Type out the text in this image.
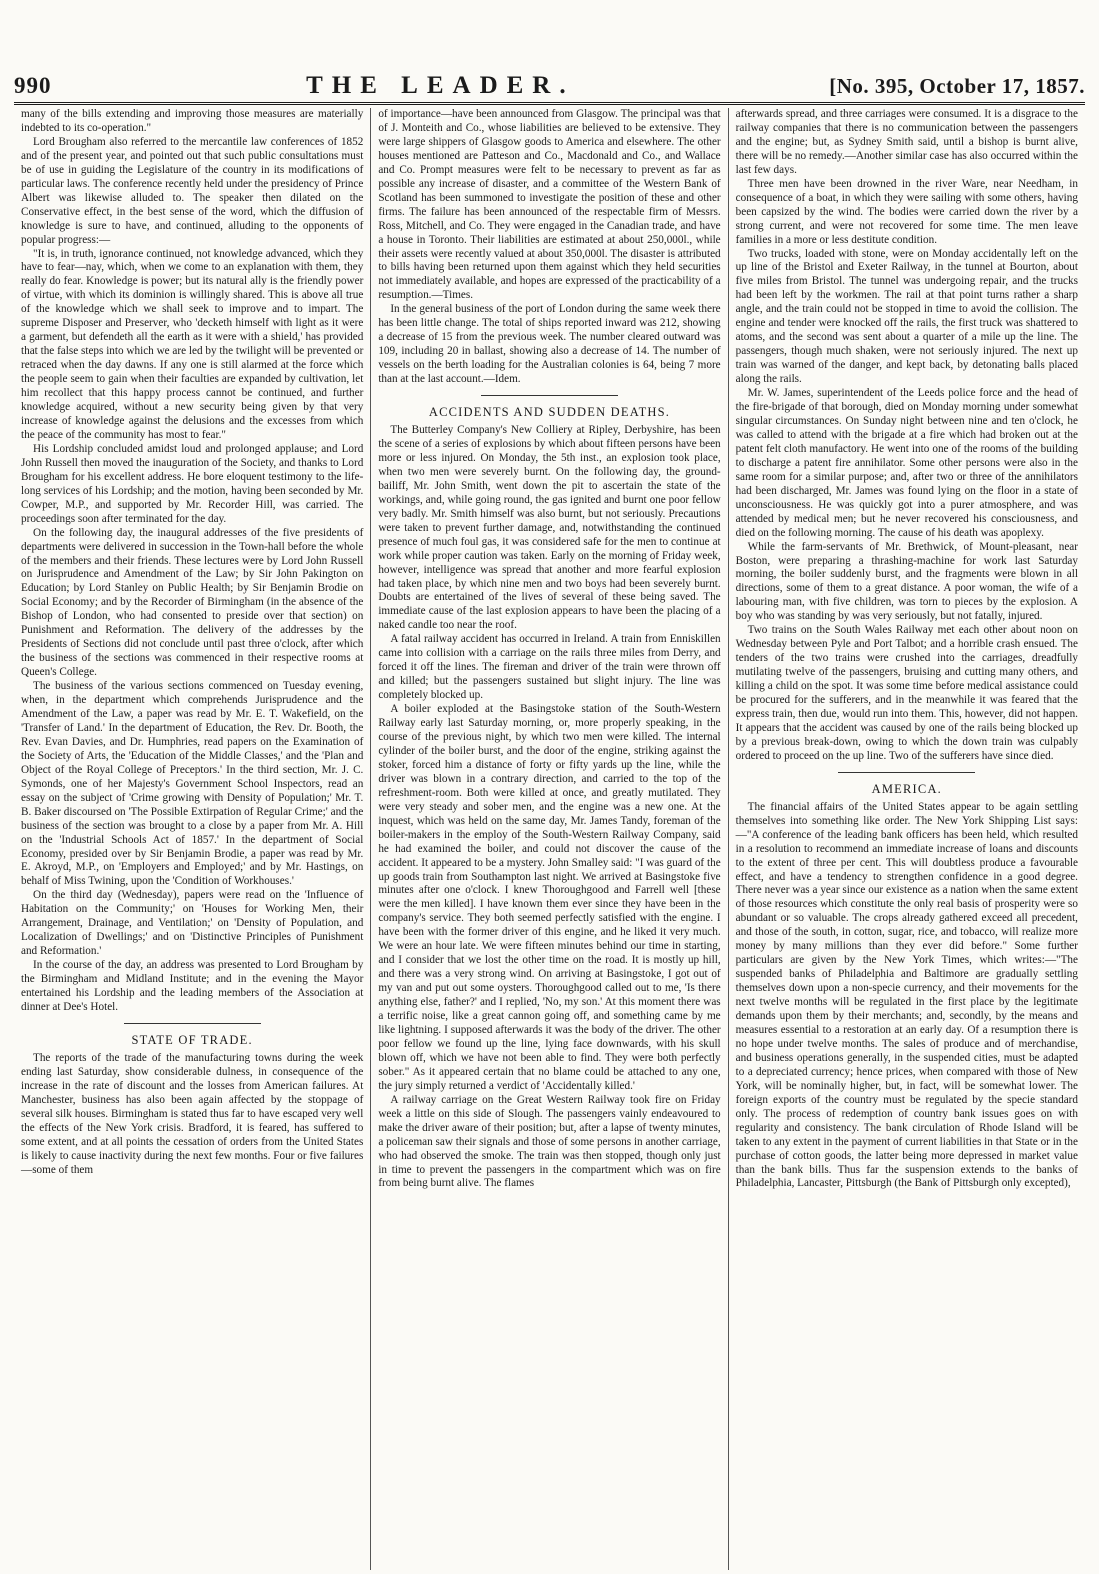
990	THE LEADER.	[No. 395, October 17, 1857.

many of the bills extending and improving those measures are materially indebted to its co-operation."

Lord Brougham also referred to the mercantile law conferences of 1852 and of the present year, and pointed out that such public consultations must be of use in guiding the Legislature of the country in its modifications of particular laws. The conference recently held under the presidency of Prince Albert was likewise alluded to. The speaker then dilated on the Conservative effect, in the best sense of the word, which the diffusion of knowledge is sure to have, and continued, alluding to the opponents of popular progress:—

"It is, in truth, ignorance continued, not knowledge advanced, which they have to fear—nay, which, when we come to an explanation with them, they really do fear. Knowledge is power; but its natural ally is the friendly power of virtue, with which its dominion is willingly shared. This is above all true of the knowledge which we shall seek to improve and to impart. The supreme Disposer and Preserver, who 'decketh himself with light as it were a garment, but defendeth all the earth as it were with a shield,' has provided that the false steps into which we are led by the twilight will be prevented or retraced when the day dawns. If any one is still alarmed at the force which the people seem to gain when their faculties are expanded by cultivation, let him recollect that this happy process cannot be continued, and further knowledge acquired, without a new security being given by that very increase of knowledge against the delusions and the excesses from which the peace of the community has most to fear."

His Lordship concluded amidst loud and prolonged applause; and Lord John Russell then moved the inauguration of the Society, and thanks to Lord Brougham for his excellent address. He bore eloquent testimony to the life-long services of his Lordship; and the motion, having been seconded by Mr. Cowper, M.P., and supported by Mr. Recorder Hill, was carried. The proceedings soon after terminated for the day.

On the following day, the inaugural addresses of the five presidents of departments were delivered in succession in the Town-hall before the whole of the members and their friends. These lectures were by Lord John Russell on Jurisprudence and Amendment of the Law; by Sir John Pakington on Education; by Lord Stanley on Public Health; by Sir Benjamin Brodie on Social Economy; and by the Recorder of Birmingham (in the absence of the Bishop of London, who had consented to preside over that section) on Punishment and Reformation. The delivery of the addresses by the Presidents of Sections did not conclude until past three o'clock, after which the business of the sections was commenced in their respective rooms at Queen's College.

The business of the various sections commenced on Tuesday evening, when, in the department which comprehends Jurisprudence and the Amendment of the Law, a paper was read by Mr. E. T. Wakefield, on the 'Transfer of Land.' In the department of Education, the Rev. Dr. Booth, the Rev. Evan Davies, and Dr. Humphries, read papers on the Examination of the Society of Arts, the 'Education of the Middle Classes,' and the 'Plan and Object of the Royal College of Preceptors.' In the third section, Mr. J. C. Symonds, one of her Majesty's Government School Inspectors, read an essay on the subject of 'Crime growing with Density of Population;' Mr. T. B. Baker discoursed on 'The Possible Extirpation of Regular Crime;' and the business of the section was brought to a close by a paper from Mr. A. Hill on the 'Industrial Schools Act of 1857.' In the department of Social Economy, presided over by Sir Benjamin Brodie, a paper was read by Mr. E. Akroyd, M.P., on 'Employers and Employed;' and by Mr. Hastings, on behalf of Miss Twining, upon the 'Condition of Workhouses.'

On the third day (Wednesday), papers were read on the 'Influence of Habitation on the Community;' on 'Houses for Working Men, their Arrangement, Drainage, and Ventilation;' on 'Density of Population, and Localization of Dwellings;' and on 'Distinctive Principles of Punishment and Reformation.'

In the course of the day, an address was presented to Lord Brougham by the Birmingham and Midland Institute; and in the evening the Mayor entertained his Lordship and the leading members of the Association at dinner at Dee's Hotel.

STATE OF TRADE.

The reports of the trade of the manufacturing towns during the week ending last Saturday, show considerable dulness, in consequence of the increase in the rate of discount and the losses from American failures. At Manchester, business has also been again affected by the stoppage of several silk houses. Birmingham is stated thus far to have escaped very well the effects of the New York crisis. Bradford, it is feared, has suffered to some extent, and at all points the cessation of orders from the United States is likely to cause inactivity during the next few months. Four or five failures—some of them

of importance—have been announced from Glasgow. The principal was that of J. Monteith and Co., whose liabilities are believed to be extensive. They were large shippers of Glasgow goods to America and elsewhere. The other houses mentioned are Patteson and Co., Macdonald and Co., and Wallace and Co. Prompt measures were felt to be necessary to prevent as far as possible any increase of disaster, and a committee of the Western Bank of Scotland has been summoned to investigate the position of these and other firms. The failure has been announced of the respectable firm of Messrs. Ross, Mitchell, and Co. They were engaged in the Canadian trade, and have a house in Toronto. Their liabilities are estimated at about 250,000l., while their assets were recently valued at about 350,000l. The disaster is attributed to bills having been returned upon them against which they held securities not immediately available, and hopes are expressed of the practicability of a resumption.—Times.

In the general business of the port of London during the same week there has been little change. The total of ships reported inward was 212, showing a decrease of 15 from the previous week. The number cleared outward was 109, including 20 in ballast, showing also a decrease of 14. The number of vessels on the berth loading for the Australian colonies is 64, being 7 more than at the last account.—Idem.

ACCIDENTS AND SUDDEN DEATHS.

The Butterley Company's New Colliery at Ripley, Derbyshire, has been the scene of a series of explosions by which about fifteen persons have been more or less injured. On Monday, the 5th inst., an explosion took place, when two men were severely burnt. On the following day, the ground-bailiff, Mr. John Smith, went down the pit to ascertain the state of the workings, and, while going round, the gas ignited and burnt one poor fellow very badly. Mr. Smith himself was also burnt, but not seriously. Precautions were taken to prevent further damage, and, notwithstanding the continued presence of much foul gas, it was considered safe for the men to continue at work while proper caution was taken. Early on the morning of Friday week, however, intelligence was spread that another and more fearful explosion had taken place, by which nine men and two boys had been severely burnt. Doubts are entertained of the lives of several of these being saved. The immediate cause of the last explosion appears to have been the placing of a naked candle too near the roof.

A fatal railway accident has occurred in Ireland. A train from Enniskillen came into collision with a carriage on the rails three miles from Derry, and forced it off the lines. The fireman and driver of the train were thrown off and killed; but the passengers sustained but slight injury. The line was completely blocked up.

A boiler exploded at the Basingstoke station of the South-Western Railway early last Saturday morning, or, more properly speaking, in the course of the previous night, by which two men were killed. The internal cylinder of the boiler burst, and the door of the engine, striking against the stoker, forced him a distance of forty or fifty yards up the line, while the driver was blown in a contrary direction, and carried to the top of the refreshment-room. Both were killed at once, and greatly mutilated. They were very steady and sober men, and the engine was a new one. At the inquest, which was held on the same day, Mr. James Tandy, foreman of the boiler-makers in the employ of the South-Western Railway Company, said he had examined the boiler, and could not discover the cause of the accident. It appeared to be a mystery. John Smalley said: "I was guard of the up goods train from Southampton last night. We arrived at Basingstoke five minutes after one o'clock. I knew Thoroughgood and Farrell well [these were the men killed]. I have known them ever since they have been in the company's service. They both seemed perfectly satisfied with the engine. I have been with the former driver of this engine, and he liked it very much. We were an hour late. We were fifteen minutes behind our time in starting, and I consider that we lost the other time on the road. It is mostly up hill, and there was a very strong wind. On arriving at Basingstoke, I got out of my van and put out some oysters. Thoroughgood called out to me, 'Is there anything else, father?' and I replied, 'No, my son.' At this moment there was a terrific noise, like a great cannon going off, and something came by me like lightning. I supposed afterwards it was the body of the driver. The other poor fellow we found up the line, lying face downwards, with his skull blown off, which we have not been able to find. They were both perfectly sober." As it appeared certain that no blame could be attached to any one, the jury simply returned a verdict of 'Accidentally killed.'

A railway carriage on the Great Western Railway took fire on Friday week a little on this side of Slough. The passengers vainly endeavoured to make the driver aware of their position; but, after a lapse of twenty minutes, a policeman saw their signals and those of some persons in another carriage, who had observed the smoke. The train was then stopped, though only just in time to prevent the passengers in the compartment which was on fire from being burnt alive. The flames

afterwards spread, and three carriages were consumed. It is a disgrace to the railway companies that there is no communication between the passengers and the engine; but, as Sydney Smith said, until a bishop is burnt alive, there will be no remedy.—Another similar case has also occurred within the last few days.

Three men have been drowned in the river Ware, near Needham, in consequence of a boat, in which they were sailing with some others, having been capsized by the wind. The bodies were carried down the river by a strong current, and were not recovered for some time. The men leave families in a more or less destitute condition.

Two trucks, loaded with stone, were on Monday accidentally left on the up line of the Bristol and Exeter Railway, in the tunnel at Bourton, about five miles from Bristol. The tunnel was undergoing repair, and the trucks had been left by the workmen. The rail at that point turns rather a sharp angle, and the train could not be stopped in time to avoid the collision. The engine and tender were knocked off the rails, the first truck was shattered to atoms, and the second was sent about a quarter of a mile up the line. The passengers, though much shaken, were not seriously injured. The next up train was warned of the danger, and kept back, by detonating balls placed along the rails.

Mr. W. James, superintendent of the Leeds police force and the head of the fire-brigade of that borough, died on Monday morning under somewhat singular circumstances. On Sunday night between nine and ten o'clock, he was called to attend with the brigade at a fire which had broken out at the patent felt cloth manufactory. He went into one of the rooms of the building to discharge a patent fire annihilator. Some other persons were also in the same room for a similar purpose; and, after two or three of the annihilators had been discharged, Mr. James was found lying on the floor in a state of unconsciousness. He was quickly got into a purer atmosphere, and was attended by medical men; but he never recovered his consciousness, and died on the following morning. The cause of his death was apoplexy.

While the farm-servants of Mr. Brethwick, of Mount-pleasant, near Boston, were preparing a thrashing-machine for work last Saturday morning, the boiler suddenly burst, and the fragments were blown in all directions, some of them to a great distance. A poor woman, the wife of a labouring man, with five children, was torn to pieces by the explosion. A boy who was standing by was very seriously, but not fatally, injured.

Two trains on the South Wales Railway met each other about noon on Wednesday between Pyle and Port Talbot; and a horrible crash ensued. The tenders of the two trains were crushed into the carriages, dreadfully mutilating twelve of the passengers, bruising and cutting many others, and killing a child on the spot. It was some time before medical assistance could be procured for the sufferers, and in the meanwhile it was feared that the express train, then due, would run into them. This, however, did not happen. It appears that the accident was caused by one of the rails being blocked up by a previous break-down, owing to which the down train was culpably ordered to proceed on the up line. Two of the sufferers have since died.

AMERICA.

The financial affairs of the United States appear to be again settling themselves into something like order. The New York Shipping List says:—"A conference of the leading bank officers has been held, which resulted in a resolution to recommend an immediate increase of loans and discounts to the extent of three per cent. This will doubtless produce a favourable effect, and have a tendency to strengthen confidence in a good degree. There never was a year since our existence as a nation when the same extent of those resources which constitute the only real basis of prosperity were so abundant or so valuable. The crops already gathered exceed all precedent, and those of the south, in cotton, sugar, rice, and tobacco, will realize more money by many millions than they ever did before." Some further particulars are given by the New York Times, which writes:—"The suspended banks of Philadelphia and Baltimore are gradually settling themselves down upon a non-specie currency, and their movements for the next twelve months will be regulated in the first place by the legitimate demands upon them by their merchants; and, secondly, by the means and measures essential to a restoration at an early day. Of a resumption there is no hope under twelve months. The sales of produce and of merchandise, and business operations generally, in the suspended cities, must be adapted to a depreciated currency; hence prices, when compared with those of New York, will be nominally higher, but, in fact, will be somewhat lower. The foreign exports of the country must be regulated by the specie standard only. The process of redemption of country bank issues goes on with regularity and consistency. The bank circulation of Rhode Island will be taken to any extent in the payment of current liabilities in that State or in the purchase of cotton goods, the latter being more depressed in market value than the bank bills. Thus far the suspension extends to the banks of Philadelphia, Lancaster, Pittsburgh (the Bank of Pittsburgh only excepted),
